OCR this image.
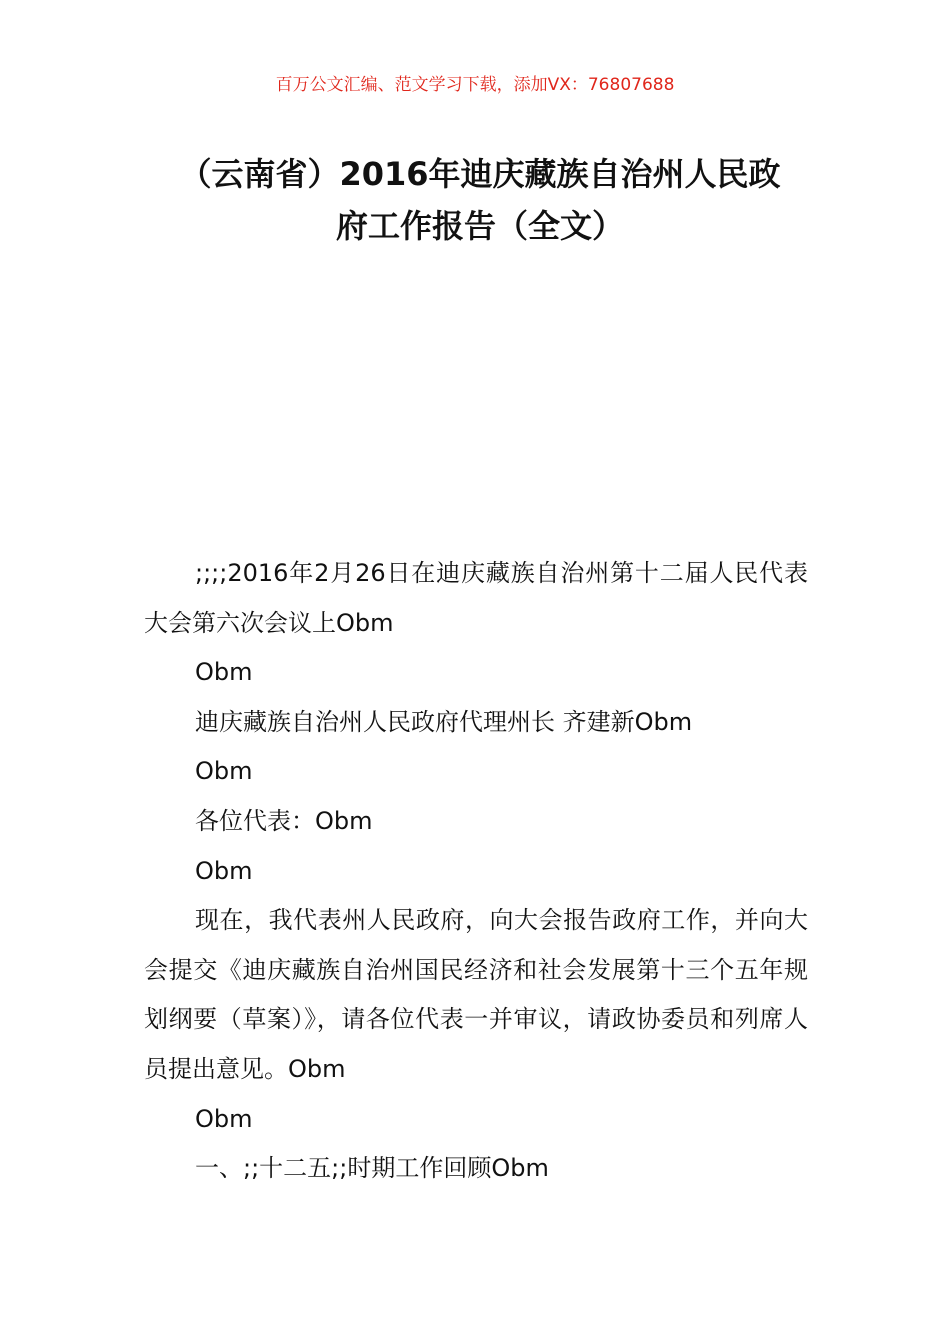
百万公文汇编、范文学习下载，添加VX：76807688
（云南省）2016年迪庆藏族自治州人民政
府工作报告（全文）

;;;;2016年2月26日在迪庆藏族自治州第十二届人民代表大会第六次会议上Obm

Obm

迪庆藏族自治州人民政府代理州长 齐建新Obm

Obm

各位代表：Obm

Obm

现在，我代表州人民政府，向大会报告政府工作，并向大会提交《迪庆藏族自治州国民经济和社会发展第十三个五年规划纲要（草案）》，请各位代表一并审议，请政协委员和列席人员提出意见。Obm

Obm

一、;;十二五;;时期工作回顾Obm
